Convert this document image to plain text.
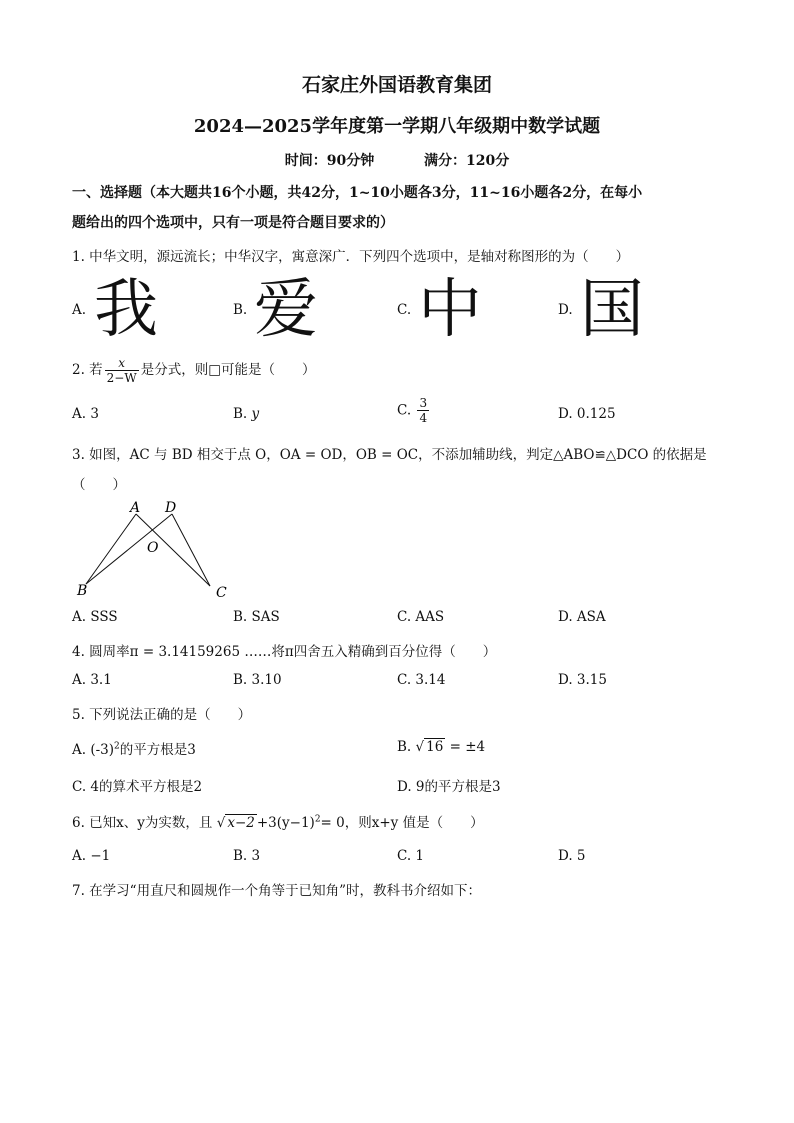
石家庄外国语教育集团
2024—2025学年度第一学期八年级期中数学试题
时间：90分钟	满分：120分
一、选择题（本大题共16个小题，共42分，1~10小题各3分，11~16小题各2分，在每小
题给出的四个选项中，只有一项是符合题目要求的）
1. 中华文明，源远流长；中华汉字，寓意深广．下列四个选项中，是轴对称图形的为（　　）
A. 我	B. 爱	C. 中	D. 国
2. 若 $\frac{x}{2-W}$ 是分式，则□可能是（　　）
A. 3	B. y	C. $\frac{3}{4}$	D. 0.125
3. 如图，AC 与 BD 相交于点 O，OA = OD，OB = OC，不添加辅助线，判定△ABO≌△DCO 的依据是
（　　）
A D
O
B	C
A. SSS	B. SAS	C. AAS	D. ASA
4. 圆周率π = 3.14159265 ……将π四舍五入精确到百分位得（　　）
A. 3.1	B. 3.10	C. 3.14	D. 3.15
5. 下列说法正确的是（　　）
A. $(-3)^2$的平方根是3	B. √ 16 = ±4
C. 4的算术平方根是2	D. 9的平方根是3
6. 已知x、y为实数，且 √ $x-2 +3(y-1)^2= 0$，则x+y 值是（　　）
A. −1	B. 3	C. 1	D. 5
7. 在学习“用直尺和圆规作一个角等于已知角”时，教科书介绍如下：
